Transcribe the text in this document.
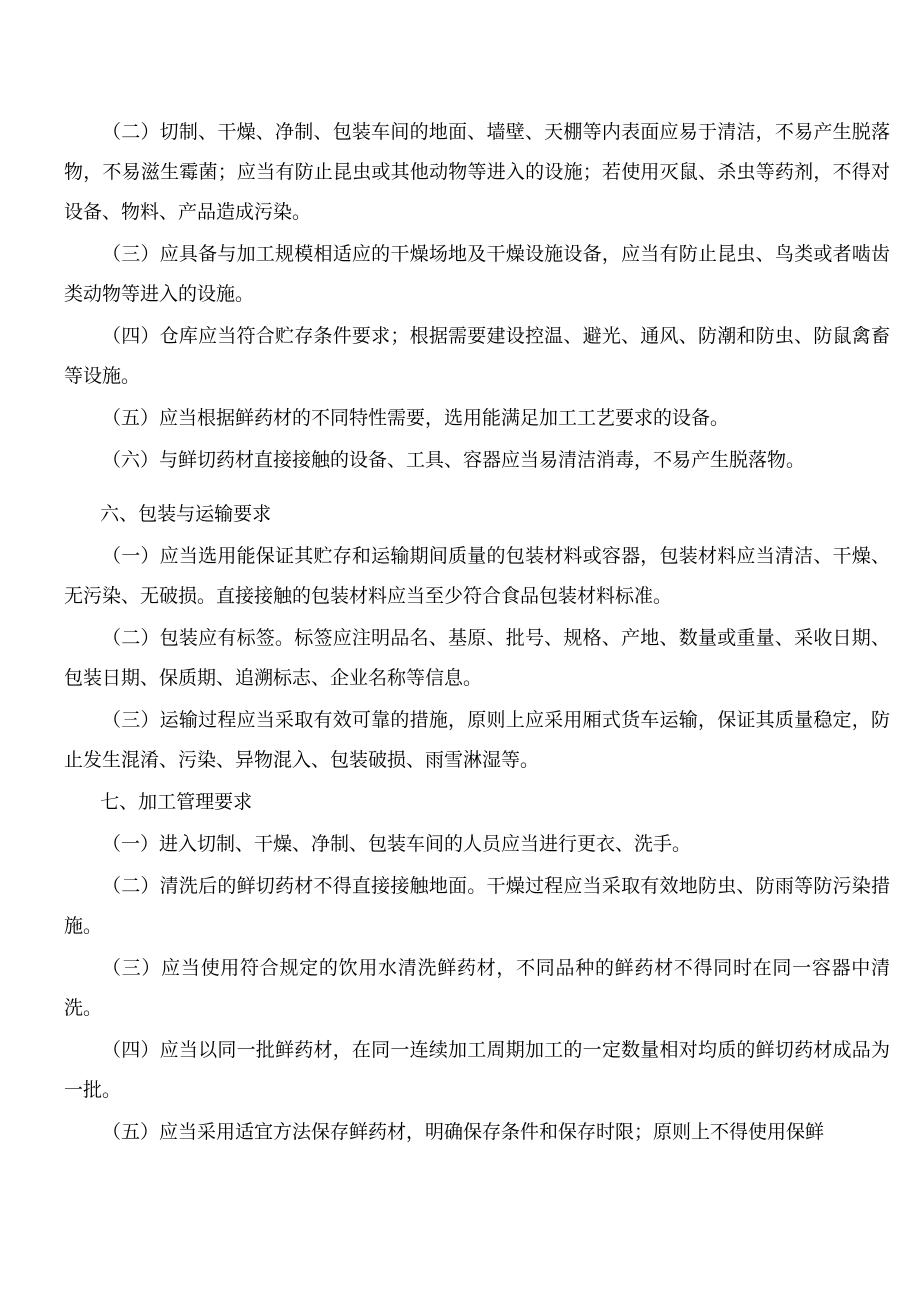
（二）切制、干燥、净制、包装车间的地面、墙壁、天棚等内表面应易于清洁，不易产生脱落物，不易滋生霉菌；应当有防止昆虫或其他动物等进入的设施；若使用灭鼠、杀虫等药剂，不得对设备、物料、产品造成污染。

（三）应具备与加工规模相适应的干燥场地及干燥设施设备，应当有防止昆虫、鸟类或者啮齿类动物等进入的设施。

（四）仓库应当符合贮存条件要求；根据需要建设控温、避光、通风、防潮和防虫、防鼠禽畜等设施。

（五）应当根据鲜药材的不同特性需要，选用能满足加工工艺要求的设备。

（六）与鲜切药材直接接触的设备、工具、容器应当易清洁消毒，不易产生脱落物。

六、包装与运输要求

（一）应当选用能保证其贮存和运输期间质量的包装材料或容器，包装材料应当清洁、干燥、无污染、无破损。直接接触的包装材料应当至少符合食品包装材料标准。

（二）包装应有标签。标签应注明品名、基原、批号、规格、产地、数量或重量、采收日期、包装日期、保质期、追溯标志、企业名称等信息。

（三）运输过程应当采取有效可靠的措施，原则上应采用厢式货车运输，保证其质量稳定，防止发生混淆、污染、异物混入、包装破损、雨雪淋湿等。

七、加工管理要求

（一）进入切制、干燥、净制、包装车间的人员应当进行更衣、洗手。

（二）清洗后的鲜切药材不得直接接触地面。干燥过程应当采取有效地防虫、防雨等防污染措施。

（三）应当使用符合规定的饮用水清洗鲜药材，不同品种的鲜药材不得同时在同一容器中清洗。

（四）应当以同一批鲜药材，在同一连续加工周期加工的一定数量相对均质的鲜切药材成品为一批。

（五）应当采用适宜方法保存鲜药材，明确保存条件和保存时限；原则上不得使用保鲜
